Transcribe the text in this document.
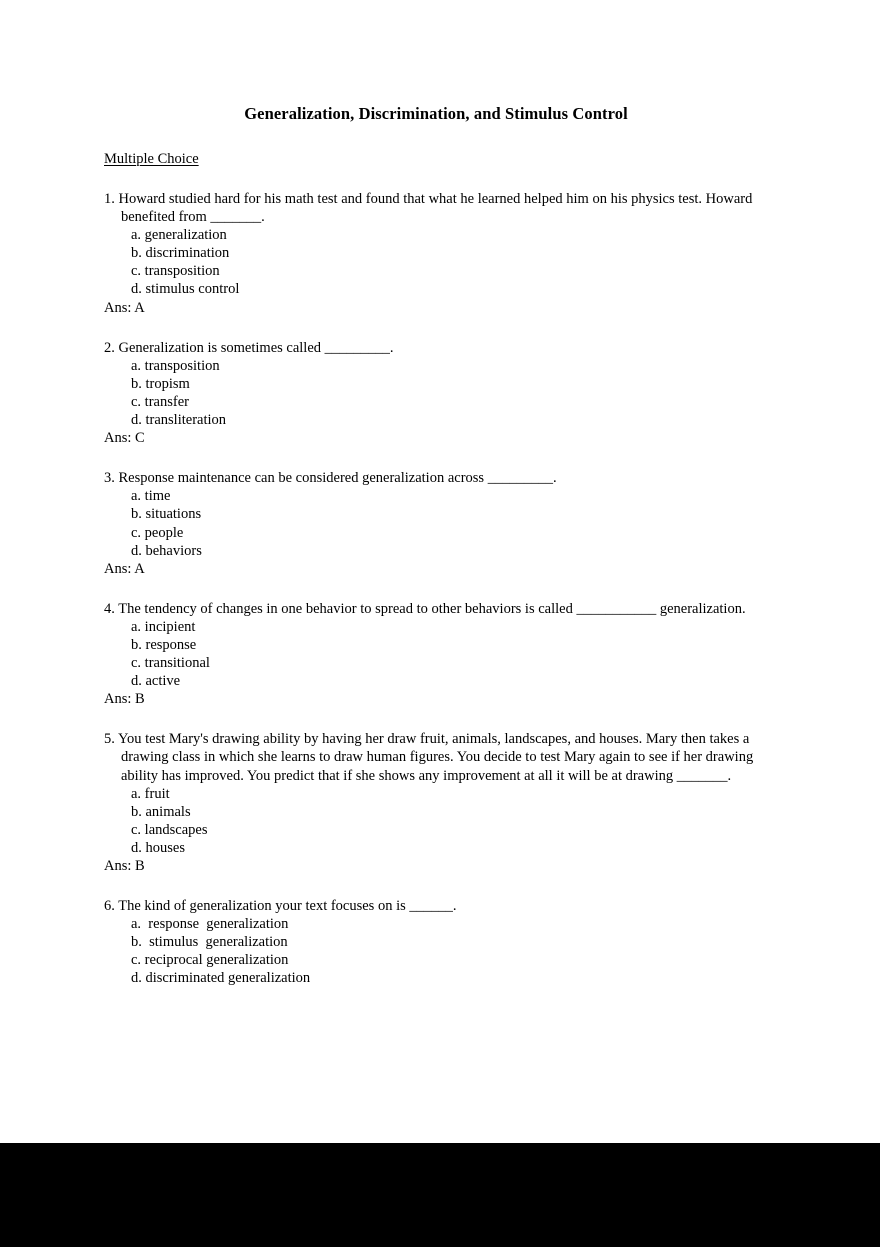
Generalization, Discrimination, and Stimulus Control

Multiple Choice

1. Howard studied hard for his math test and found that what he learned helped him on his physics test. Howard benefited from _______.

a. generalization
b. discrimination
c. transposition
d. stimulus control

Ans: A

2. Generalization is sometimes called _________.

a. transposition
b. tropism
c. transfer
d. transliteration

Ans: C

3. Response maintenance can be considered generalization across _________.

a. time
b. situations
c. people
d. behaviors

Ans: A

4. The tendency of changes in one behavior to spread to other behaviors is called ___________ generalization.

a. incipient
b. response
c. transitional
d. active

Ans: B

5. You test Mary's drawing ability by having her draw fruit, animals, landscapes, and houses. Mary then takes a drawing class in which she learns to draw human figures. You decide to test Mary again to see if her drawing ability has improved. You predict that if she shows any improvement at all it will be at drawing _______.

a. fruit
b. animals
c. landscapes
d. houses

Ans: B

6. The kind of generalization your text focuses on is ______.

a.  response  generalization
b.  stimulus  generalization
c. reciprocal generalization
d. discriminated generalization
